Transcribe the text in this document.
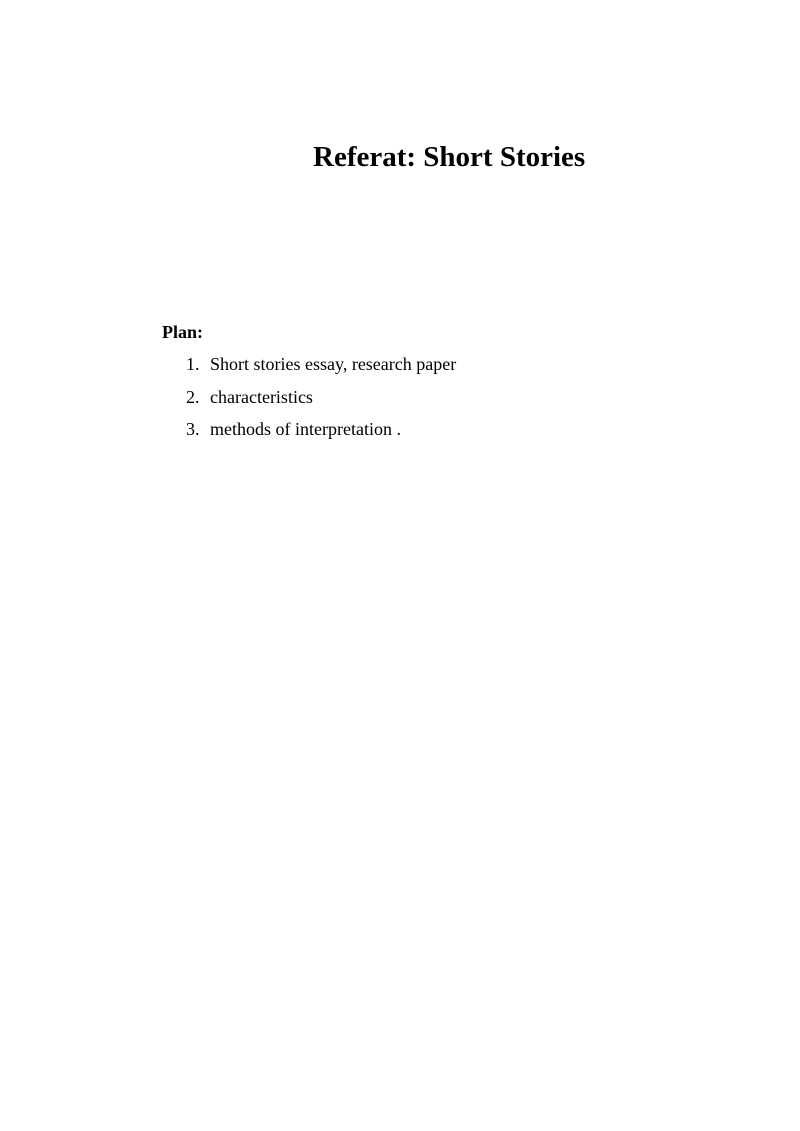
Referat: Short Stories
Plan:
1. Short stories essay, research paper
2. characteristics
3. methods of interpretation .
